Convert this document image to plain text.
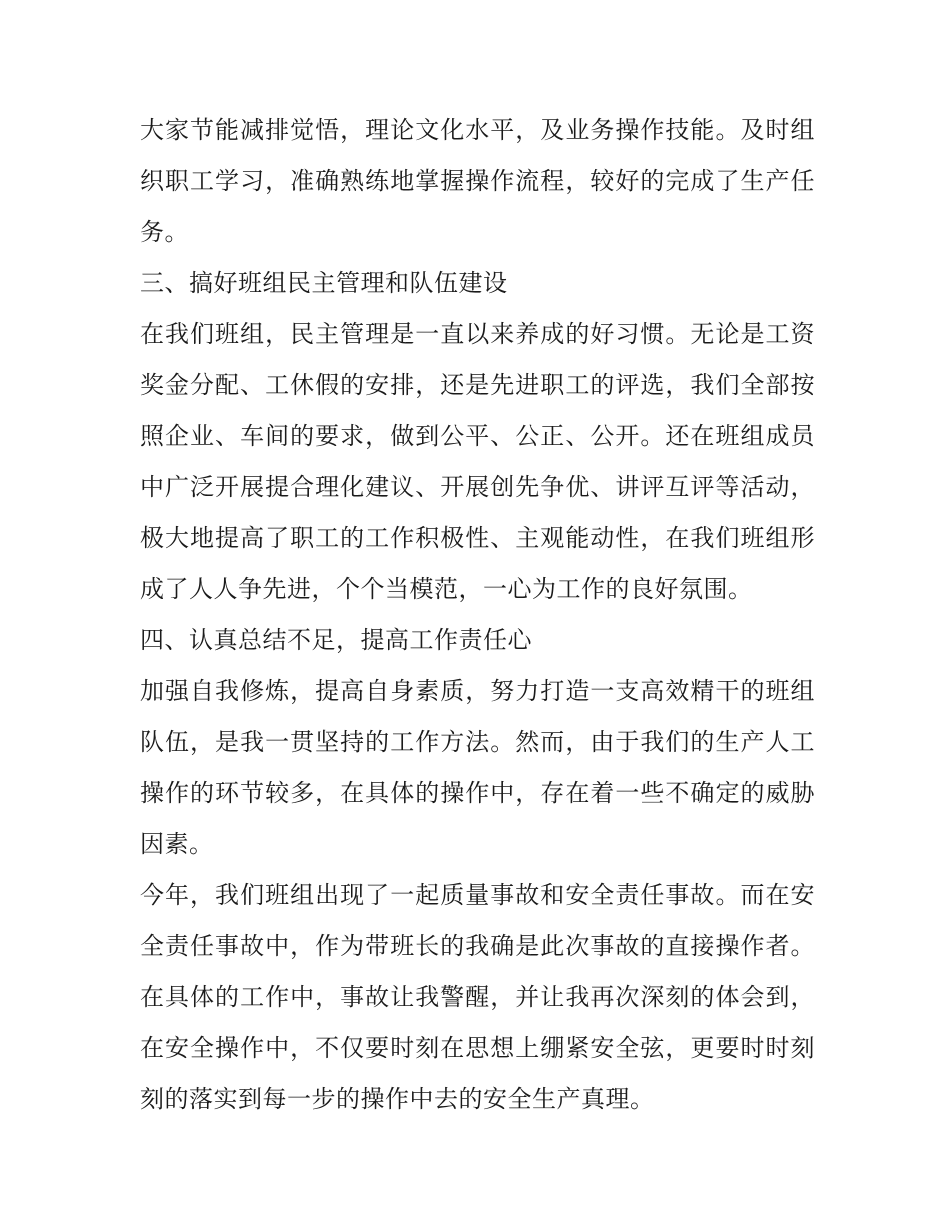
大家节能减排觉悟，理论文化水平，及业务操作技能。及时组织职工学习，准确熟练地掌握操作流程，较好的完成了生产任务。

三、搞好班组民主管理和队伍建设

在我们班组，民主管理是一直以来养成的好习惯。无论是工资奖金分配、工休假的安排，还是先进职工的评选，我们全部按照企业、车间的要求，做到公平、公正、公开。还在班组成员中广泛开展提合理化建议、开展创先争优、讲评互评等活动，极大地提高了职工的工作积极性、主观能动性，在我们班组形成了人人争先进，个个当模范，一心为工作的良好氛围。

四、认真总结不足，提高工作责任心

加强自我修炼，提高自身素质，努力打造一支高效精干的班组队伍，是我一贯坚持的工作方法。然而，由于我们的生产人工操作的环节较多，在具体的操作中，存在着一些不确定的威胁因素。

今年，我们班组出现了一起质量事故和安全责任事故。而在安全责任事故中，作为带班长的我确是此次事故的直接操作者。在具体的工作中，事故让我警醒，并让我再次深刻的体会到，在安全操作中，不仅要时刻在思想上绷紧安全弦，更要时时刻刻的落实到每一步的操作中去的安全生产真理。
